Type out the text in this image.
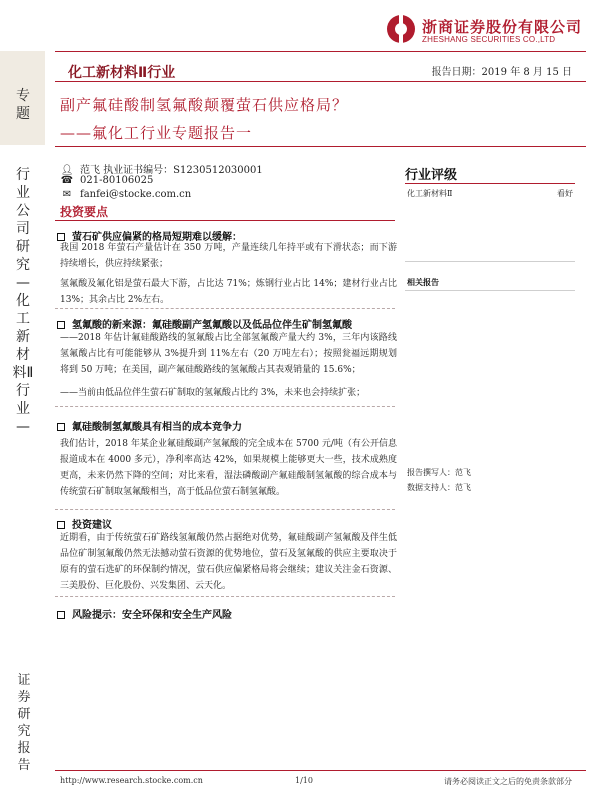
浙商证券股份有限公司
ZHESHANG SECURITIES CO.,LTD
专题
行业公司研究—化工新材料Ⅱ行业—
化工新材料Ⅱ行业	报告日期：2019 年 8 月 15 日
副产氟硅酸制氢氟酸颠覆萤石供应格局？
——氟化工行业专题报告一
👤︎ 范飞 执业证书编号：S1230512030001
☎ 021-80106025
✉ fanfei@stocke.com.cn
投资要点
萤石矿供应偏紧的格局短期难以缓解：
我国 2018 年萤石产量估计在 350 万吨，产量连续几年持平或有下滑状态；而下游持续增长，供应持续紧张；
氢氟酸及氟化铝是萤石最大下游，占比达 71%；炼钢行业占比 14%；建材行业占比 13%；其余占比 2%左右。
氢氟酸的新来源：氟硅酸副产氢氟酸以及低品位伴生矿制氢氟酸
——2018 年估计氟硅酸路线的氢氟酸占比全部氢氟酸产量大约 3%，三年内该路线氢氟酸占比有可能能够从 3%提升到 11%左右（20 万吨左右）；按照瓮福远期规划将到 50 万吨；在美国，副产氟硅酸路线的氢氟酸占其表观销量的 15.6%；
——当前由低品位伴生萤石矿制取的氢氟酸占比约 3%，未来也会持续扩张；
氟硅酸制氢氟酸具有相当的成本竞争力
我们估计，2018 年某企业氟硅酸副产氢氟酸的完全成本在 5700 元/吨（有公开信息报道成本在 4000 多元），净利率高达 42%，如果规模上能够更大一些，技术成熟度更高，未来仍然下降的空间；对比来看，湿法磷酸副产氟硅酸制氢氟酸的综合成本与传统萤石矿制取氢氟酸相当，高于低品位萤石制氢氟酸。
投资建议
近期看，由于传统萤石矿路线氢氟酸仍然占据绝对优势，氟硅酸副产氢氟酸及伴生低品位矿制氢氟酸仍然无法撼动萤石资源的优势地位，萤石及氢氟酸的供应主要取决于原有的萤石选矿的环保制约情况，萤石供应偏紧格局将会继续；建议关注金石资源、三美股份、巨化股份、兴发集团、云天化。
风险提示：安全环保和安全生产风险
行业评级
化工新材料Ⅱ	看好
相关报告
报告撰写人：范飞
数据支持人：范飞
证券研究报告
http://www.research.stocke.com.cn	1/10	请务必阅读正文之后的免责条款部分
